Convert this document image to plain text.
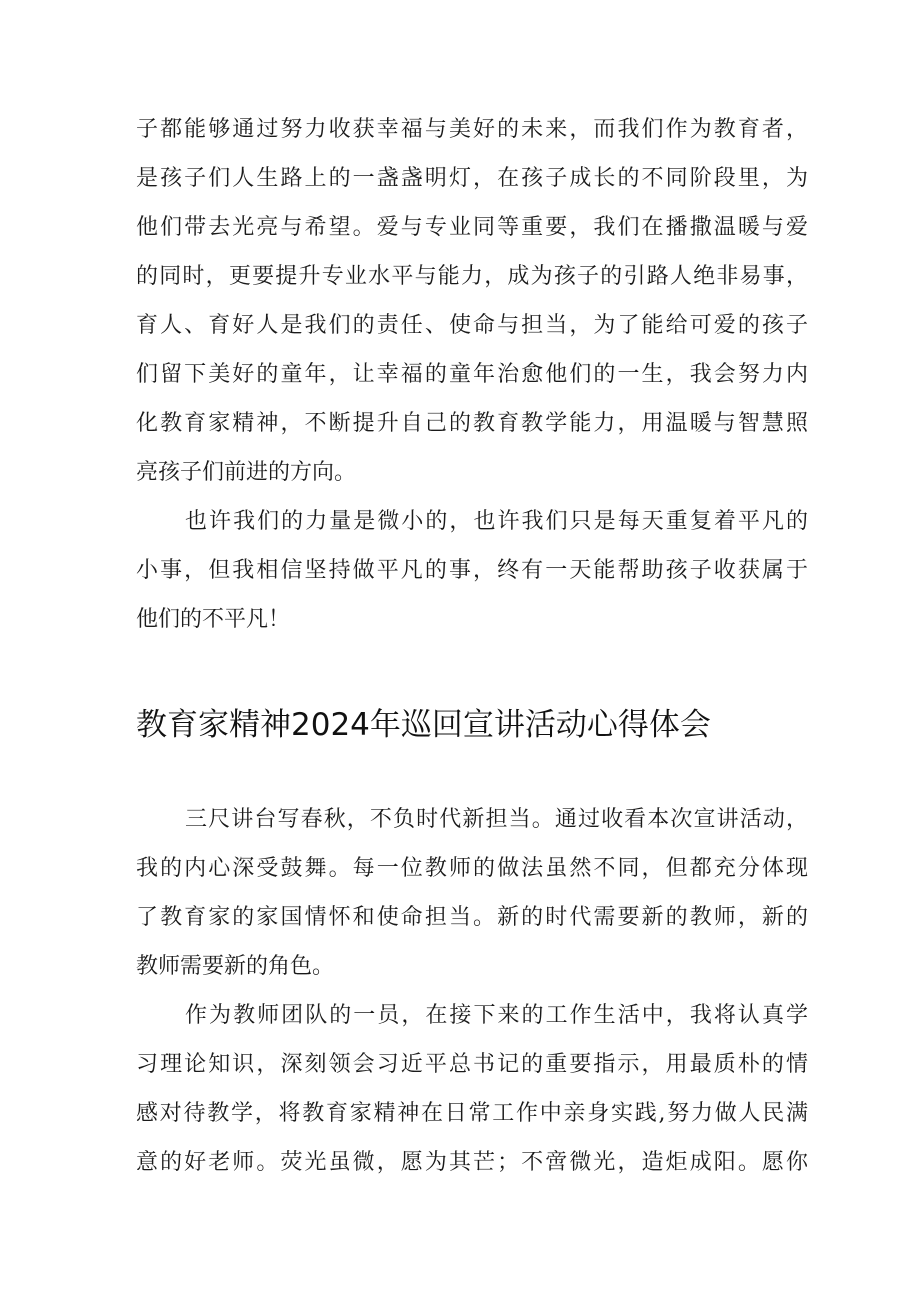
子都能够通过努力收获幸福与美好的未来，而我们作为教育者，
是孩子们人生路上的一盏盏明灯，在孩子成长的不同阶段里，为
他们带去光亮与希望。爱与专业同等重要，我们在播撒温暖与爱
的同时，更要提升专业水平与能力，成为孩子的引路人绝非易事，
育人、育好人是我们的责任、使命与担当，为了能给可爱的孩子
们留下美好的童年，让幸福的童年治愈他们的一生，我会努力内
化教育家精神，不断提升自己的教育教学能力，用温暖与智慧照
亮孩子们前进的方向。
也许我们的力量是微小的，也许我们只是每天重复着平凡的
小事，但我相信坚持做平凡的事，终有一天能帮助孩子收获属于
他们的不平凡！
教育家精神2024年巡回宣讲活动心得体会
三尺讲台写春秋，不负时代新担当。通过收看本次宣讲活动，
我的内心深受鼓舞。每一位教师的做法虽然不同，但都充分体现
了教育家的家国情怀和使命担当。新的时代需要新的教师，新的
教师需要新的角色。
作为教师团队的一员，在接下来的工作生活中，我将认真学
习理论知识，深刻领会习近平总书记的重要指示，用最质朴的情
感对待教学，将教育家精神在日常工作中亲身实践,努力做人民满
意的好老师。荧光虽微，愿为其芒；不啻微光，造炬成阳。愿你
